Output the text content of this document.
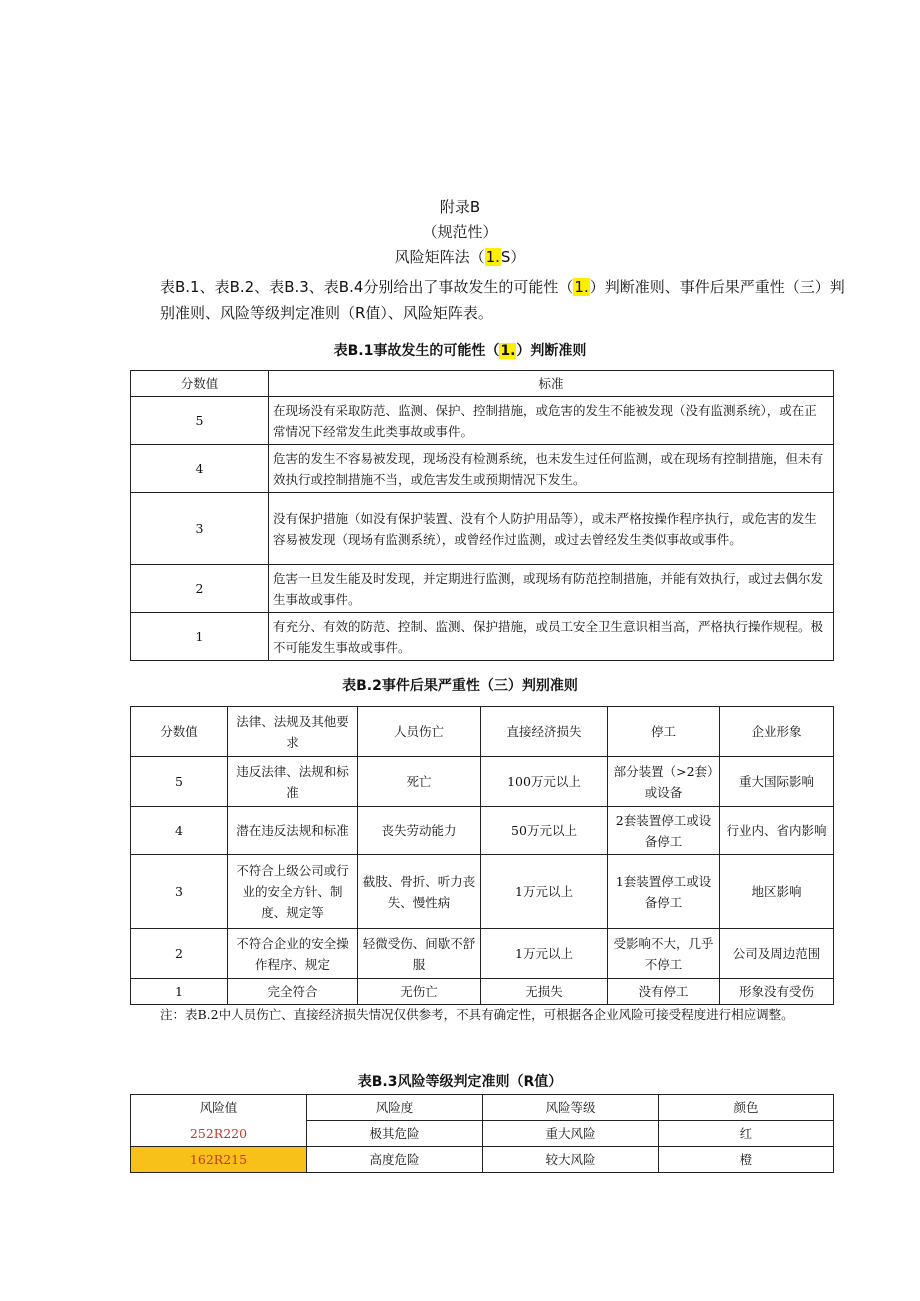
附录B
（规范性）
风险矩阵法（1.S）
表B.1、表B.2、表B.3、表B.4分别给出了事故发生的可能性（1.）判断准则、事件后果严重性（三）判别准则、风险等级判定准则（R值）、风险矩阵表。
表B.1事故发生的可能性（1.）判断准则
分数值	标准
5	在现场没有采取防范、监测、保护、控制措施，或危害的发生不能被发现（没有监测系统），或在正常情况下经常发生此类事故或事件。
4	危害的发生不容易被发现，现场没有检测系统，也未发生过任何监测，或在现场有控制措施，但未有效执行或控制措施不当，或危害发生或预期情况下发生。
3	没有保护措施（如没有保护装置、没有个人防护用品等），或未严格按操作程序执行，或危害的发生容易被发现（现场有监测系统），或曾经作过监测，或过去曾经发生类似事故或事件。
2	危害一旦发生能及时发现，并定期进行监测，或现场有防范控制措施，并能有效执行，或过去偶尔发生事故或事件。
1	有充分、有效的防范、控制、监测、保护措施，或员工安全卫生意识相当高，严格执行操作规程。极不可能发生事故或事件。
表B.2事件后果严重性（三）判别准则
分数值	法律、法规及其他要求	人员伤亡	直接经济损失	停工	企业形象
5	违反法律、法规和标准	死亡	100万元以上	部分装置（>2套）或设备	重大国际影响
4	潜在违反法规和标准	丧失劳动能力	50万元以上	2套装置停工或设备停工	行业内、省内影响
3	不符合上级公司或行业的安全方针、制度、规定等	截肢、骨折、听力丧失、慢性病	1万元以上	1套装置停工或设备停工	地区影响
2	不符合企业的安全操作程序、规定	轻微受伤、间歇不舒服	1万元以上	受影响不大，几乎不停工	公司及周边范围
1	完全符合	无伤亡	无损失	没有停工	形象没有受伤
注：表B.2中人员伤亡、直接经济损失情况仅供参考，不具有确定性，可根据各企业风险可接受程度进行相应调整。
表B.3风险等级判定准则（R值）
风险值	风险度	风险等级	颜色
252R220	极其危险	重大风险	红
162R215	高度危险	较大风险	橙
